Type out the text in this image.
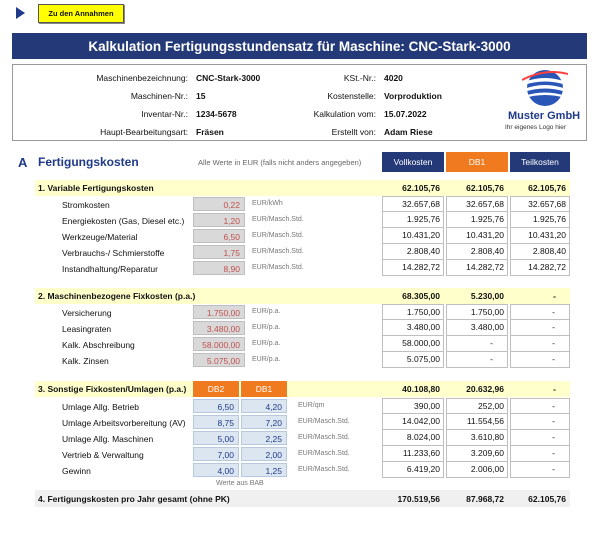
Zu den Annahmen
Kalkulation Fertigungsstundensatz für Maschine: CNC-Stark-3000
Maschinenbezeichnung: CNC-Stark-3000
Maschinen-Nr.: 15
Inventar-Nr.: 1234-5678
Haupt-Bearbeitungsart: Fräsen
KSt.-Nr.: 4020
Kostenstelle: Vorproduktion
Kalkulation vom: 15.07.2022
Erstellt von: Adam Riese
Muster GmbH
Ihr eigenes Logo hier
A Fertigungskosten	Alle Werte in EUR (falls nicht anders angegeben)	Vollkosten	DB1	Teilkosten
1. Variable Fertigungskosten	62.105,76	62.105,76	62.105,76
Stromkosten	0,22	EUR/kWh	32.657,68	32.657,68	32.657,68
Energiekosten (Gas, Diesel etc.)	1,20	EUR/Masch.Std.	1.925,76	1.925,76	1.925,76
Werkzeuge/Material	6,50	EUR/Masch.Std.	10.431,20	10.431,20	10.431,20
Verbrauchs-/ Schmierstoffe	1,75	EUR/Masch.Std.	2.808,40	2.808,40	2.808,40
Instandhaltung/Reparatur	8,90	EUR/Masch.Std.	14.282,72	14.282,72	14.282,72
2. Maschinenbezogene Fixkosten (p.a.)	68.305,00	5.230,00	-
Versicherung	1.750,00	EUR/p.a.	1.750,00	1.750,00	-
Leasingraten	3.480,00	EUR/p.a.	3.480,00	3.480,00	-
Kalk. Abschreibung	58.000,00	EUR/p.a.	58.000,00	-	-
Kalk. Zinsen	5.075,00	EUR/p.a.	5.075,00	-	-
3. Sonstige Fixkosten/Umlagen (p.a.)	DB2	DB1	40.108,80	20.632,96	-
Umlage Allg. Betrieb	6,50	4,20	EUR/qm	390,00	252,00	-
Umlage Arbeitsvorbereitung (AV)	8,75	7,20	EUR/Masch.Std.	14.042,00	11.554,56	-
Umlage Allg. Maschinen	5,00	2,25	EUR/Masch.Std.	8.024,00	3.610,80	-
Vertrieb & Verwaltung	7,00	2,00	EUR/Masch.Std.	11.233,60	3.209,60	-
Gewinn	4,00	1,25	EUR/Masch.Std.	6.419,20	2.006,00	-
Werte aus BAB
4. Fertigungskosten pro Jahr gesamt (ohne PK)	170.519,56	87.968,72	62.105,76
